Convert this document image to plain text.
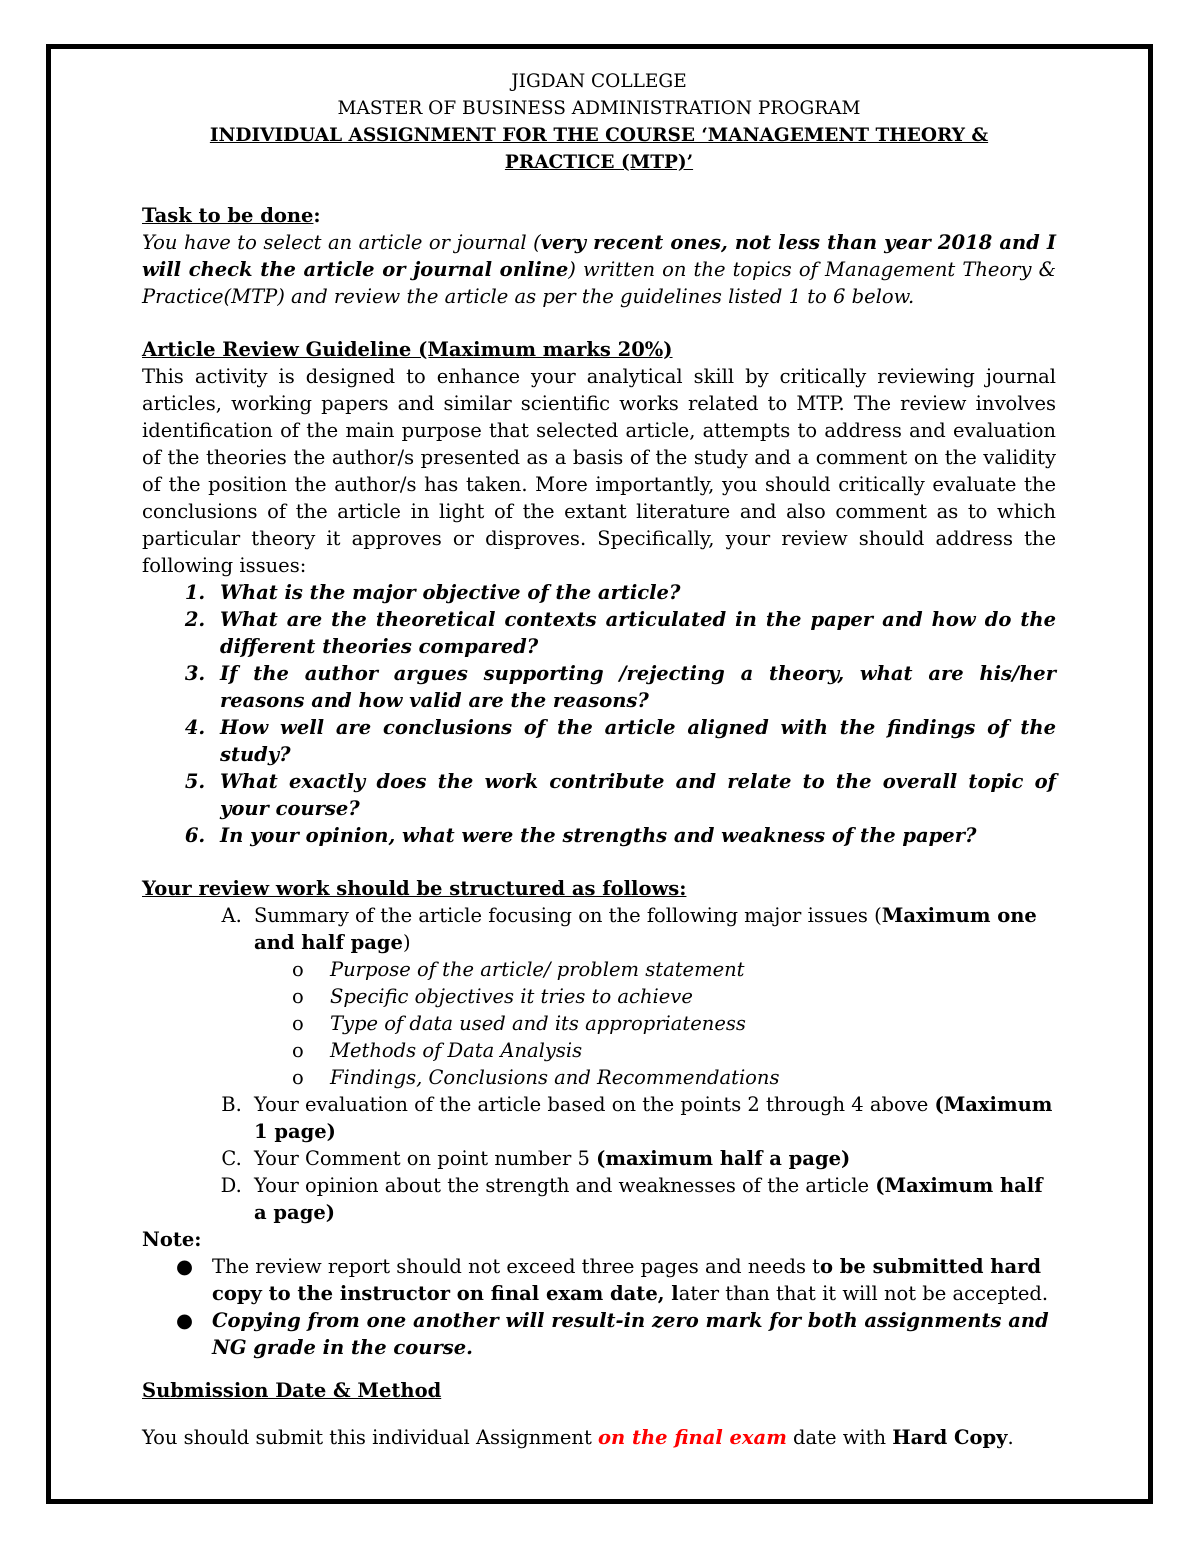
JIGDAN COLLEGE

MASTER OF BUSINESS ADMINISTRATION PROGRAM

INDIVIDUAL ASSIGNMENT FOR THE COURSE ‘MANAGEMENT THEORY &

PRACTICE (MTP)’

Task to be done:

You have to select an article or journal (very recent ones, not less than year 2018 and I will check the article or journal online) written on the topics of Management Theory & Practice(MTP) and review the article as per the guidelines listed 1 to 6 below.

Article Review Guideline (Maximum marks 20%)

This activity is designed to enhance your analytical skill by critically reviewing journal articles, working papers and similar scientific works related to MTP. The review involves identification of the main purpose that selected article, attempts to address and evaluation of the theories the author/s presented as a basis of the study and a comment on the validity of the position the author/s has taken. More importantly, you should critically evaluate the conclusions of the article in light of the extant literature and also comment as to which particular theory it approves or disproves. Specifically, your review should address the following issues:

1. What is the major objective of the article?
2. What are the theoretical contexts articulated in the paper and how do the different theories compared?
3. If the author argues supporting /rejecting a theory, what are his/her reasons and how valid are the reasons?
4. How well are conclusions of the article aligned with the findings of the study?
5. What exactly does the work contribute and relate to the overall topic of your course?
6. In your opinion, what were the strengths and weakness of the paper?

Your review work should be structured as follows:

A. Summary of the article focusing on the following major issues (Maximum one and half page)
o Purpose of the article/ problem statement
o Specific objectives it tries to achieve
o Type of data used and its appropriateness
o Methods of Data Analysis
o Findings, Conclusions and Recommendations
B. Your evaluation of the article based on the points 2 through 4 above (Maximum 1 page)
C. Your Comment on point number 5 (maximum half a page)
D. Your opinion about the strength and weaknesses of the article (Maximum half a page)

Note:

● The review report should not exceed three pages and needs to be submitted hard copy to the instructor on final exam date, later than that it will not be accepted.
● Copying from one another will result-in zero mark for both assignments and NG grade in the course.

Submission Date & Method

You should submit this individual Assignment on the final exam date with Hard Copy.
